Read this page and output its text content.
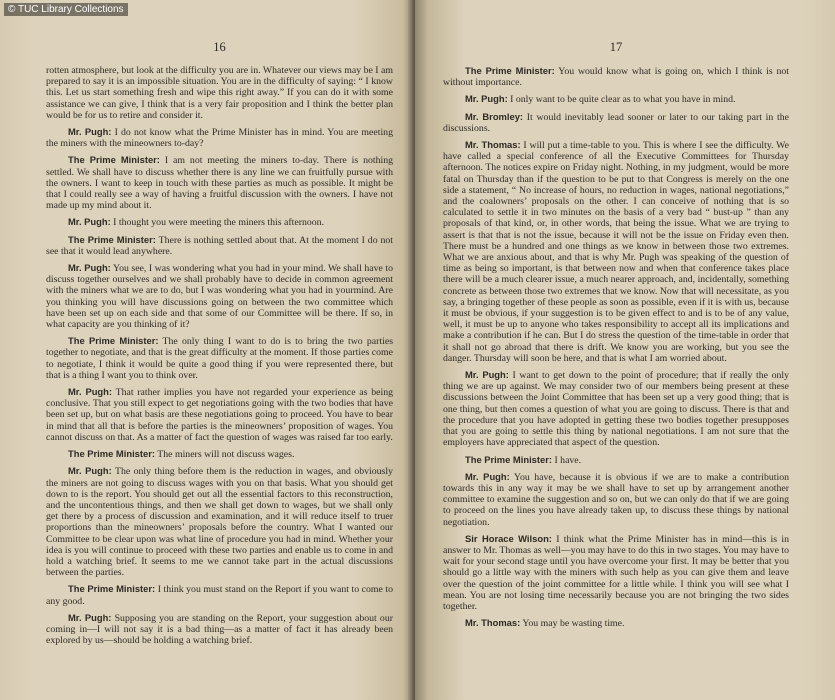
© TUC Library Collections
16

rotten atmosphere, but look at the difficulty you are in. Whatever our views may be I am prepared to say it is an impossible situation. You are in the difficulty of saying: “ I know this. Let us start something fresh and wipe this right away.” If you can do it with some assistance we can give, I think that is a very fair proposition and I think the better plan would be for us to retire and consider it.

Mr. Pugh: I do not know what the Prime Minister has in mind. You are meeting the miners with the mineowners to-day?

The Prime Minister: I am not meeting the miners to-day. There is nothing settled. We shall have to discuss whether there is any line we can fruitfully pursue with the owners. I want to keep in touch with these parties as much as possible. It might be that I could really see a way of having a fruitful discussion with the owners. I have not made up my mind about it.

Mr. Pugh: I thought you were meeting the miners this afternoon.

The Prime Minister: There is nothing settled about that. At the moment I do not see that it would lead anywhere.

Mr. Pugh: You see, I was wondering what you had in your mind. We shall have to discuss together ourselves and we shall probably have to decide in common agreement with the miners what we are to do, but I was wondering what you had in yourmind. Are you thinking you will have discussions going on between the two committee which have been set up on each side and that some of our Committee will be there. If so, in what capacity are you thinking of it?

The Prime Minister: The only thing I want to do is to bring the two parties together to negotiate, and that is the great difficulty at the moment. If those parties come to negotiate, I think it would be quite a good thing if you were represented there, but that is a thing I want you to think over.

Mr. Pugh: That rather implies you have not regarded your experience as being conclusive. That you still expect to get negotiations going with the two bodies that have been set up, but on what basis are these negotiations going to proceed. You have to bear in mind that all that is before the parties is the mineowners’ proposition of wages. You cannot discuss on that. As a matter of fact the question of wages was raised far too early.

The Prime Minister: The miners will not discuss wages.

Mr. Pugh: The only thing before them is the reduction in wages, and obviously the miners are not going to discuss wages with you on that basis. What you should get down to is the report. You should get out all the essential factors to this reconstruction, and the uncontentious things, and then we shall get down to wages, but we shall only get there by a process of discussion and examination, and it will reduce itself to truer proportions than the mineowners’ proposals before the country. What I wanted our Committee to be clear upon was what line of procedure you had in mind. Whether your idea is you will continue to proceed with these two parties and enable us to come in and hold a watching brief. It seems to me we cannot take part in the actual discussions between the parties.

The Prime Minister: I think you must stand on the Report if you want to come to any good.

Mr. Pugh: Supposing you are standing on the Report, your suggestion about our coming in—I will not say it is a bad thing—as a matter of fact it has already been explored by us—should be holding a watching brief.

17

The Prime Minister: You would know what is going on, which I think is not without importance.

Mr. Pugh: I only want to be quite clear as to what you have in mind.

Mr. Bromley: It would inevitably lead sooner or later to our taking part in the discussions.

Mr. Thomas: I will put a time-table to you. This is where I see the difficulty. We have called a special conference of all the Executive Committees for Thursday afternoon. The notices expire on Friday night. Nothing, in my judgment, would be more fatal on Thursday than if the question to be put to that Congress is merely on the one side a statement, “ No increase of hours, no reduction in wages, national negotiations,” and the coalowners’ proposals on the other. I can conceive of nothing that is so calculated to settle it in two minutes on the basis of a very bad “ bust-up ” than any proposals of that kind, or, in other words, that being the issue. What we are trying to assert is that that is not the issue, because it will not be the issue on Friday even then. There must be a hundred and one things as we know in between those two extremes. What we are anxious about, and that is why Mr. Pugh was speaking of the question of time as being so important, is that between now and when that conference takes place there will be a much clearer issue, a much nearer approach, and, incidentally, something concrete as between those two extremes that we know. Now that will necessitate, as you say, a bringing together of these people as soon as possible, even if it is with us, because it must be obvious, if your suggestion is to be given effect to and is to be of any value, well, it must be up to anyone who takes responsibility to accept all its implications and make a contribution if he can. But I do stress the question of the time-table in order that it shall not go abroad that there is drift. We know you are working, but you see the danger. Thursday will soon be here, and that is what I am worried about.

Mr. Pugh: I want to get down to the point of procedure; that if really the only thing we are up against. We may consider two of our members being present at these discussions between the Joint Committee that has been set up a very good thing; that is one thing, but then comes a question of what you are going to discuss. There is that and the procedure that you have adopted in getting these two bodies together presupposes that you are going to settle this thing by national negotiations. I am not sure that the employers have appreciated that aspect of the question.

The Prime Minister: I have.

Mr. Pugh: You have, because it is obvious if we are to make a contribution towards this in any way it may be we shall have to set up by arrangement another committee to examine the suggestion and so on, but we can only do that if we are going to proceed on the lines you have already taken up, to discuss these things by national negotiation.

Sir Horace Wilson: I think what the Prime Minister has in mind—this is in answer to Mr. Thomas as well—you may have to do this in two stages. You may have to wait for your second stage until you have overcome your first. It may be better that you should go a little way with the miners with such help as you can give them and leave over the question of the joint committee for a little while. I think you will see what I mean. You are not losing time necessarily because you are not bringing the two sides together.

Mr. Thomas: You may be wasting time.
